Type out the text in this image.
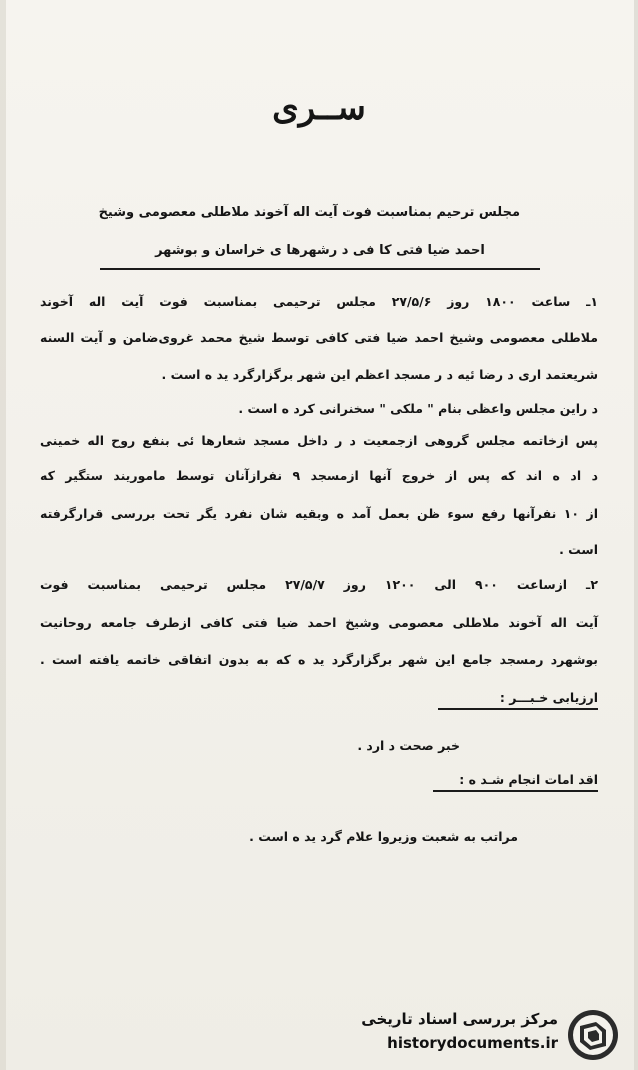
ســری
مجلس ترحیم بمناسبت فوت آیت اله آخوند ملاطلی معصومی وشیخ
احمد ضیا فتی کا فی د رشهرها ی خراسان و بوشهر
۱ـ ساعت ۱۸۰۰ روز ۲۷/۵/۶ مجلس ترحیمی بمناسبت فوت آیت اله آخوند
ملاطلی معصومی وشیخ احمد ضیا فتی کافی توسط شیخ محمد غروی‌ضامن و آیت السنه
شریعتمد اری د رضا ئیه د ر مسجد اعظم این شهر برگزارگرد ید ه است .
د راین مجلس واعظی بنام " ملکی " سخنرانی کرد ه است .
پس ازخاتمه مجلس گروهی ازجمعیت د ر داخل مسجد شعارها ئی بنفع روح اله خمینی
د اد ه اند که پس از خروج آنها ازمسجد ۹ نفرازآنان توسط ماموریند ستگیر که
از ۱۰ نفرآنها رفع سوء ظن بعمل آمد ه وبقیه شان نفرد یگر تحت بررسی قرارگرفته
است .
۲ـ ازساعت ۹۰۰ الی ۱۲۰۰ روز ۲۷/۵/۷ مجلس ترحیمی بمناسبت فوت
آیت اله آخوند ملاطلی معصومی وشیخ احمد ضیا فتی کافی ازطرف جامعه روحانیت
بوشهرد رمسجد جامع این شهر برگزارگرد ید ه که به بدون اتفاقی خاتمه یافته است .
ارزیابی خـبـــر :
خبر صحت د ارد .
اقد امات انجام شـد ه :
مراتب به شعبت وزیروا علام گرد ید ه است .
مرکز بررسی اسناد تاریخی
historydocuments.ir
